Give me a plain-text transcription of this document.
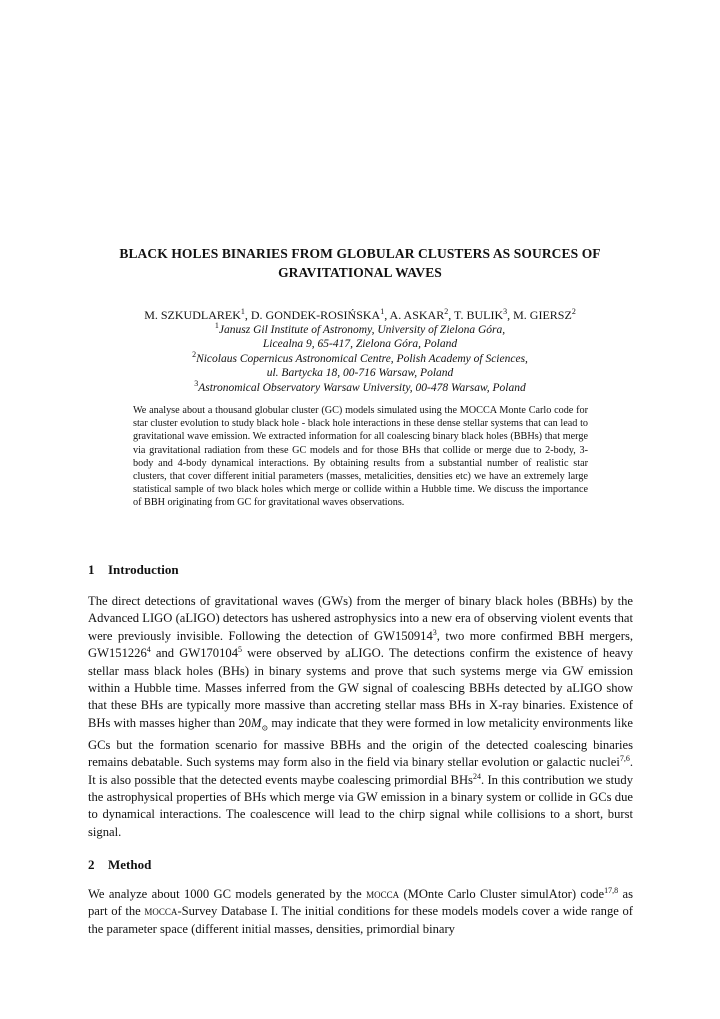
BLACK HOLES BINARIES FROM GLOBULAR CLUSTERS AS SOURCES OF
GRAVITATIONAL WAVES
M. SZKUDLAREK$^1$, D. GONDEK-ROSIŃSKA$^1$, A. ASKAR$^2$, T. BULIK$^3$, M. GIERSZ$^2$
$^1$Janusz Gil Institute of Astronomy, University of Zielona Góra,
Licealna 9, 65-417, Zielona Góra, Poland
$^2$Nicolaus Copernicus Astronomical Centre, Polish Academy of Sciences,
ul. Bartycka 18, 00-716 Warsaw, Poland
$^3$Astronomical Observatory Warsaw University, 00-478 Warsaw, Poland
We analyse about a thousand globular cluster (GC) models simulated using the MOCCA Monte Carlo code for star cluster evolution to study black hole - black hole interactions in these dense stellar systems that can lead to gravitational wave emission. We extracted information for all coalescing binary black holes (BBHs) that merge via gravitational radiation from these GC models and for those BHs that collide or merge due to 2-body, 3-body and 4-body dynamical interactions. By obtaining results from a substantial number of realistic star clusters, that cover different initial parameters (masses, metalicities, densities etc) we have an extremely large statistical sample of two black holes which merge or collide within a Hubble time. We discuss the importance of BBH originating from GC for gravitational waves observations.
1 Introduction
The direct detections of gravitational waves (GWs) from the merger of binary black holes (BBHs) by the Advanced LIGO (aLIGO) detectors has ushered astrophysics into a new era of observing violent events that were previously invisible. Following the detection of GW150914$^3$, two more confirmed BBH mergers, GW151226$^4$ and GW170104$^5$ were observed by aLIGO. The detections confirm the existence of heavy stellar mass black holes (BHs) in binary systems and prove that such systems merge via GW emission within a Hubble time. Masses inferred from the GW signal of coalescing BBHs detected by aLIGO show that these BHs are typically more massive than accreting stellar mass BHs in X-ray binaries. Existence of BHs with masses higher than $20M_⊙$ may indicate that they were formed in low metalicity environments like GCs but the formation scenario for massive BBHs and the origin of the detected coalescing binaries remains debatable. Such systems may form also in the field via binary stellar evolution or galactic nuclei$^{7,6}$. It is also possible that the detected events maybe coalescing primordial BHs$^{24}$. In this contribution we study the astrophysical properties of BHs which merge via GW emission in a binary system or collide in GCs due to dynamical interactions. The coalescence will lead to the chirp signal while collisions to a short, burst signal.
2 Method
We analyze about 1000 GC models generated by the mocca (MOnte Carlo Cluster simulAtor) code$^{17,8}$ as part of the mocca-Survey Database I. The initial conditions for these models models cover a wide range of the parameter space (different initial masses, densities, primordial binary
